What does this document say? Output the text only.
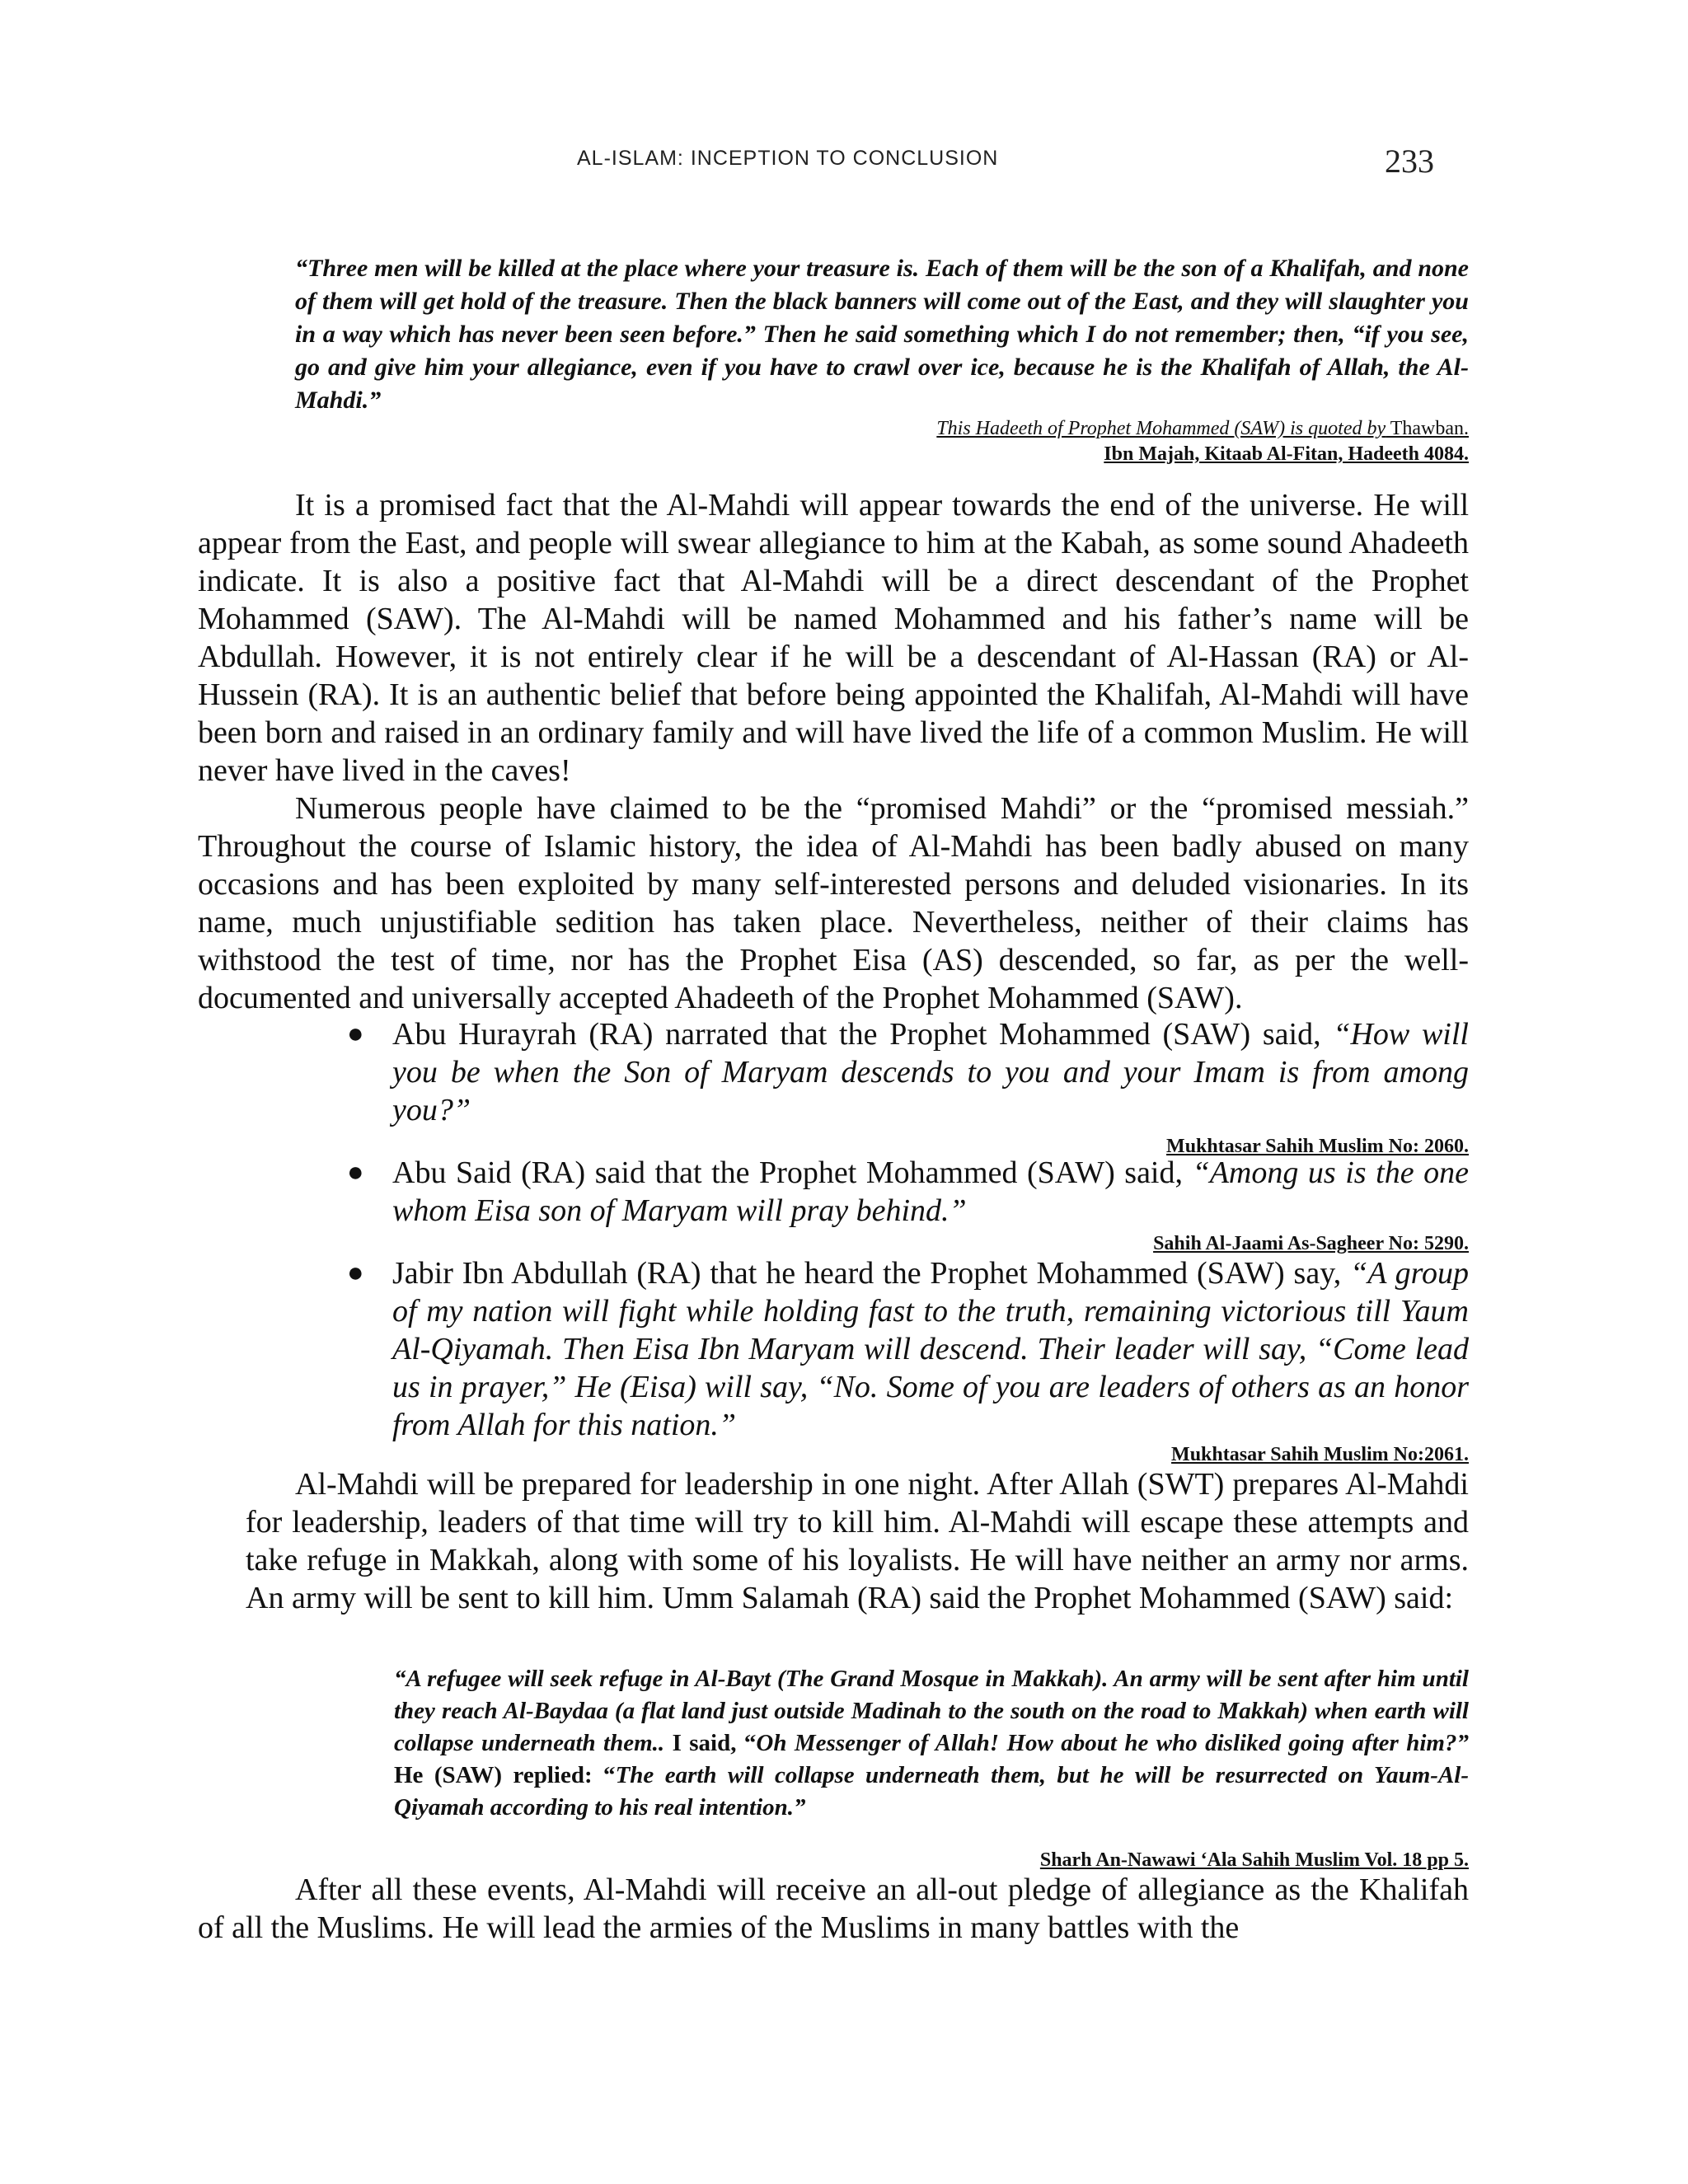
AL-ISLAM: INCEPTION TO CONCLUSION	233

“Three men will be killed at the place where your treasure is. Each of them will be the son of a Khalifah, and none of them will get hold of the treasure. Then the black banners will come out of the East, and they will slaughter you in a way which has never been seen before.” Then he said something which I do not remember; then, “if you see, go and give him your allegiance, even if you have to crawl over ice, because he is the Khalifah of Allah, the Al-Mahdi.”

This Hadeeth of Prophet Mohammed (SAW) is quoted by Thawban.
Ibn Majah, Kitaab Al-Fitan, Hadeeth 4084.

It is a promised fact that the Al-Mahdi will appear towards the end of the universe. He will appear from the East, and people will swear allegiance to him at the Kabah, as some sound Ahadeeth indicate. It is also a positive fact that Al-Mahdi will be a direct descendant of the Prophet Mohammed (SAW). The Al-Mahdi will be named Mohammed and his father’s name will be Abdullah. However, it is not entirely clear if he will be a descendant of Al-Hassan (RA) or Al-Hussein (RA). It is an authentic belief that before being appointed the Khalifah, Al-Mahdi will have been born and raised in an ordinary family and will have lived the life of a common Muslim. He will never have lived in the caves!

Numerous people have claimed to be the “promised Mahdi” or the “promised messiah.” Throughout the course of Islamic history, the idea of Al-Mahdi has been badly abused on many occasions and has been exploited by many self-interested persons and deluded visionaries. In its name, much unjustifiable sedition has taken place. Nevertheless, neither of their claims has withstood the test of time, nor has the Prophet Eisa (AS) descended, so far, as per the well-documented and universally accepted Ahadeeth of the Prophet Mohammed (SAW).

● Abu Hurayrah (RA) narrated that the Prophet Mohammed (SAW) said, “How will you be when the Son of Maryam descends to you and your Imam is from among you?”
Mukhtasar Sahih Muslim No: 2060.
● Abu Said (RA) said that the Prophet Mohammed (SAW) said, “Among us is the one whom Eisa son of Maryam will pray behind.”
Sahih Al-Jaami As-Sagheer No: 5290.
● Jabir Ibn Abdullah (RA) that he heard the Prophet Mohammed (SAW) say, “A group of my nation will fight while holding fast to the truth, remaining victorious till Yaum Al-Qiyamah. Then Eisa Ibn Maryam will descend. Their leader will say, “Come lead us in prayer,” He (Eisa) will say, “No. Some of you are leaders of others as an honor from Allah for this nation.”
Mukhtasar Sahih Muslim No:2061.

Al-Mahdi will be prepared for leadership in one night. After Allah (SWT) prepares Al-Mahdi for leadership, leaders of that time will try to kill him. Al-Mahdi will escape these attempts and take refuge in Makkah, along with some of his loyalists. He will have neither an army nor arms. An army will be sent to kill him. Umm Salamah (RA) said the Prophet Mohammed (SAW) said:

“A refugee will seek refuge in Al-Bayt (The Grand Mosque in Makkah). An army will be sent after him until they reach Al-Baydaa (a flat land just outside Madinah to the south on the road to Makkah) when earth will collapse underneath them.. I said, “Oh Messenger of Allah! How about he who disliked going after him?” He (SAW) replied: “The earth will collapse underneath them, but he will be resurrected on Yaum-Al-Qiyamah according to his real intention.”

Sharh An-Nawawi ‘Ala Sahih Muslim Vol. 18 pp 5.

After all these events, Al-Mahdi will receive an all-out pledge of allegiance as the Khalifah of all the Muslims. He will lead the armies of the Muslims in many battles with the
